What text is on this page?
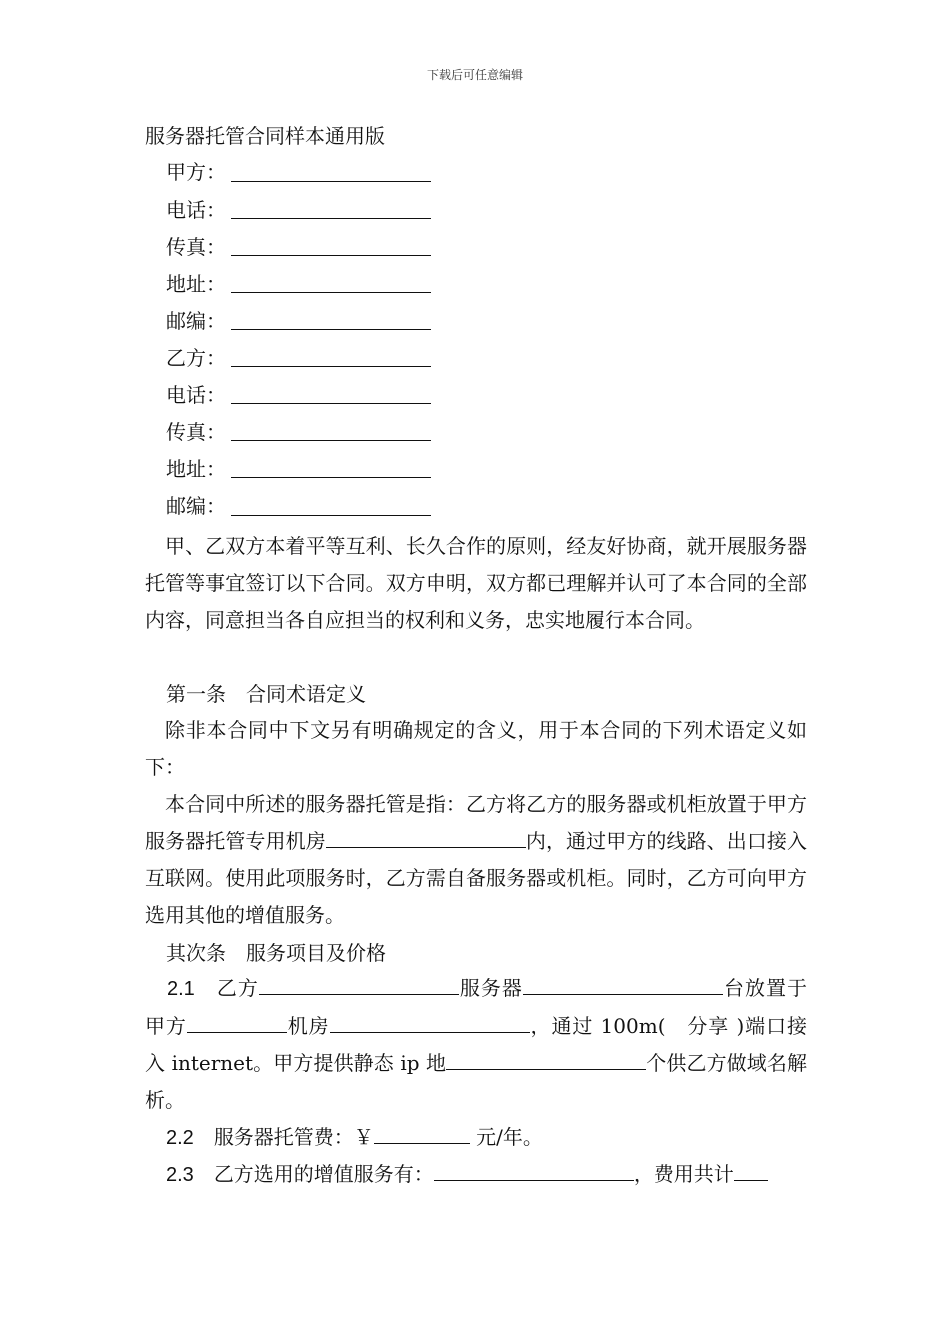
下载后可任意编辑
服务器托管合同样本通用版
甲方：
电话：
传真：
地址：
邮编：
乙方：
电话：
传真：
地址：
邮编：

甲、乙双方本着平等互利、长久合作的原则，经友好协商，就开展服务器托管等事宜签订以下合同。双方申明，双方都已理解并认可了本合同的全部内容，同意担当各自应担当的权利和义务，忠实地履行本合同。

第一条　合同术语定义

除非本合同中下文另有明确规定的含义，用于本合同的下列术语定义如下：

本合同中所述的服务器托管是指：乙方将乙方的服务器或机柜放置于甲方服务器托管专用机房	内，通过甲方的线路、出口接入互联网。使用此项服务时，乙方需自备服务器或机柜。同时，乙方可向甲方选用其他的增值服务。

其次条　服务项目及价格

2.1　 乙方	服务器	台放置于甲方	机房	，通过 100m(　分享 )端口接入 internet。甲方提供静态 ip 地	个供乙方做域名解析。

2.2　 服务器托管费：￥	元/年。
2.3　 乙方选用的增值服务有：	，费用共计
